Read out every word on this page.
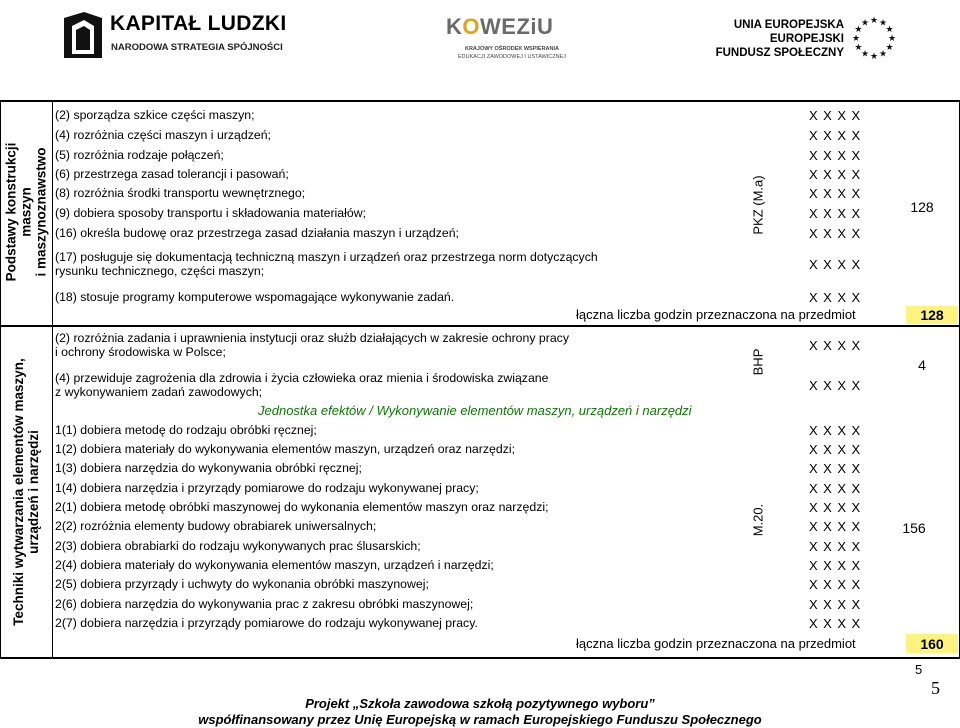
KAPITAŁ LUDZKI
NARODOWA STRATEGIA SPÓJNOŚCI
KOWEZiU
KRAJOWY OŚRODEK WSPIERANIA
EDUKACJI ZAWODOWEJ I USTAWICZNEJ
UNIA EUROPEJSKA
EUROPEJSKI
FUNDUSZ SPOŁECZNY
★
★
★
★
★
★
★
★
★ ★ ★
★
Podstawy konstrukcji maszyn i maszynoznawstwo
(2) sporządza szkice części maszyn;	XXXX
(4) rozróżnia części maszyn i urządzeń;	XXXX
(5) rozróżnia rodzaje połączeń;	XXXX
(6) przestrzega zasad tolerancji i pasowań;	XXXX
(8) rozróżnia środki transportu wewnętrznego;	XXXX
(9) dobiera sposoby transportu i składowania materiałów;	XXXX
(16) określa budowę oraz przestrzega zasad działania maszyn i urządzeń;	XXXX
(17) posługuje się dokumentacją techniczną maszyn i urządzeń oraz przestrzega norm dotyczących
rysunku technicznego, części maszyn;	XXXX
(18) stosuje programy komputerowe wspomagające wykonywanie zadań.	XXXX
PKZ (M.a)	128
łączna liczba godzin przeznaczona na przedmiot	128
Techniki wytwarzania elementów maszyn, urządzeń i narzędzi
(2) rozróżnia zadania i uprawnienia instytucji oraz służb działających w zakresie ochrony pracy
i ochrony środowiska w Polsce;	XXXX
(4) przewiduje zagrożenia dla zdrowia i życia człowieka oraz mienia i środowiska związane
z wykonywaniem zadań zawodowych;	XXXX
BHP	4
Jednostka efektów / Wykonywanie elementów maszyn, urządzeń i narzędzi
1(1) dobiera metodę do rodzaju obróbki ręcznej;	XXXX
1(2) dobiera materiały do wykonywania elementów maszyn, urządzeń oraz narzędzi;	XXXX
1(3) dobiera narzędzia do wykonywania obróbki ręcznej;	XXXX
1(4) dobiera narzędzia i przyrządy pomiarowe do rodzaju wykonywanej pracy;	XXXX
2(1) dobiera metodę obróbki maszynowej do wykonania elementów maszyn oraz narzędzi;	XXXX
2(2) rozróżnia elementy budowy obrabiarek uniwersalnych;	XXXX
2(3) dobiera obrabiarki do rodzaju wykonywanych prac ślusarskich;	XXXX
2(4) dobiera materiały do wykonywania elementów maszyn, urządzeń i narzędzi;	XXXX
2(5) dobiera przyrządy i uchwyty do wykonania obróbki maszynowej;	XXXX
2(6) dobiera narzędzia do wykonywania prac z zakresu obróbki maszynowej;	XXXX
2(7) dobiera narzędzia i przyrządy pomiarowe do rodzaju wykonywanej pracy.	XXXX
M.20.	156
łączna liczba godzin przeznaczona na przedmiot	160
5
5
Projekt „Szkoła zawodowa szkołą pozytywnego wyboru”
współfinansowany przez Unię Europejską w ramach Europejskiego Funduszu Społecznego
